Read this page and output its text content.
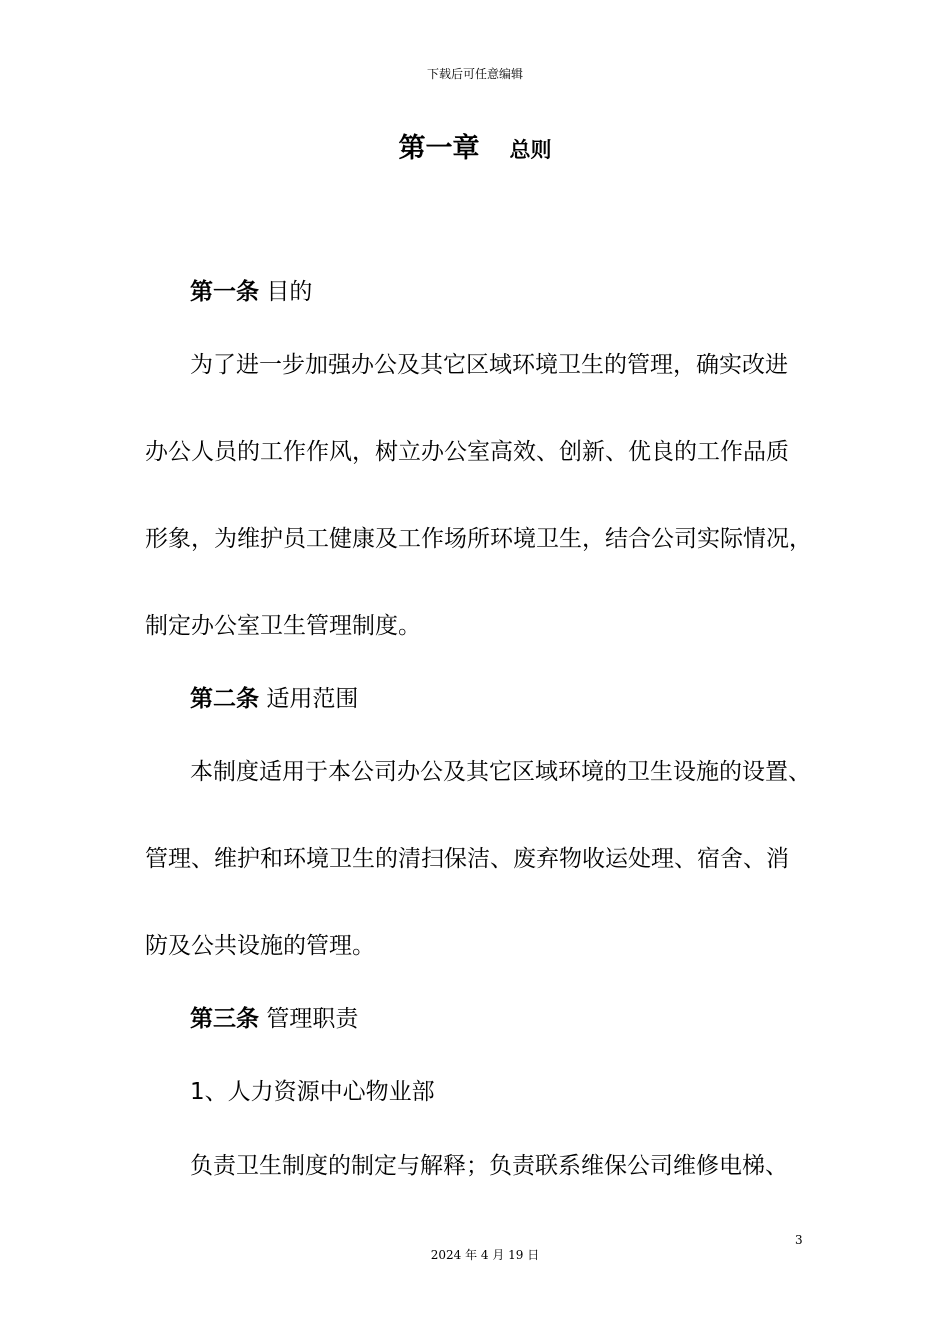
下载后可任意编辑
第一章 总则
第一条 目的
为了进一步加强办公及其它区域环境卫生的管理，确实改进
办公人员的工作作风，树立办公室高效、创新、优良的工作品质
形象，为维护员工健康及工作场所环境卫生，结合公司实际情况，
制定办公室卫生管理制度。
第二条 适用范围
本制度适用于本公司办公及其它区域环境的卫生设施的设置、
管理、维护和环境卫生的清扫保洁、废弃物收运处理、宿舍、消
防及公共设施的管理。
第三条 管理职责
1、人力资源中心物业部
负责卫生制度的制定与解释；负责联系维保公司维修电梯、
3
2024 年 4 月 19 日
